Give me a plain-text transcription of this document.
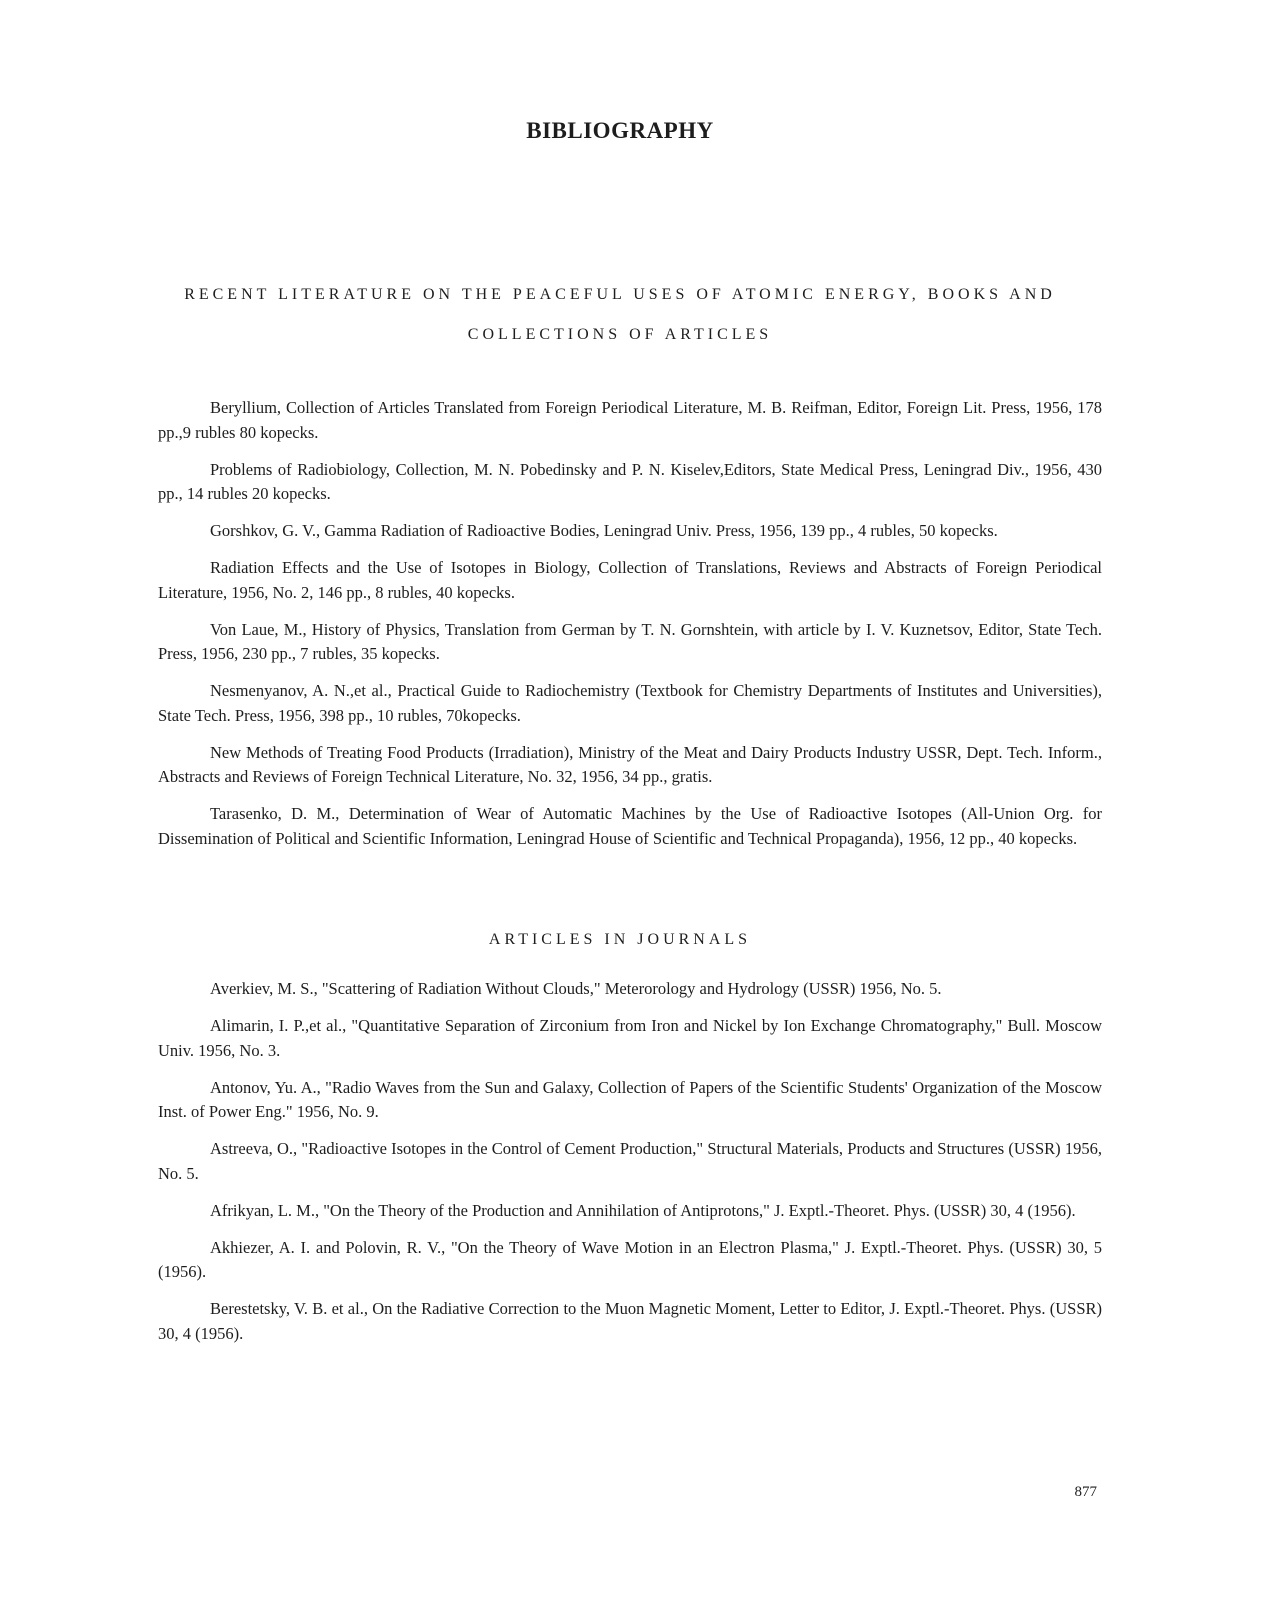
BIBLIOGRAPHY
RECENT LITERATURE ON THE PEACEFUL USES OF ATOMIC ENERGY, BOOKS AND
COLLECTIONS OF ARTICLES

Beryllium, Collection of Articles Translated from Foreign Periodical Literature, M. B. Reifman, Editor, Foreign Lit. Press, 1956, 178 pp.,9 rubles 80 kopecks.

Problems of Radiobiology, Collection, M. N. Pobedinsky and P. N. Kiselev,Editors, State Medical Press, Leningrad Div., 1956, 430 pp., 14 rubles 20 kopecks.

Gorshkov, G. V., Gamma Radiation of Radioactive Bodies, Leningrad Univ. Press, 1956, 139 pp., 4 rubles, 50 kopecks.

Radiation Effects and the Use of Isotopes in Biology, Collection of Translations, Reviews and Abstracts of Foreign Periodical Literature, 1956, No. 2, 146 pp., 8 rubles, 40 kopecks.

Von Laue, M., History of Physics, Translation from German by T. N. Gornshtein, with article by I. V. Kuznetsov, Editor, State Tech. Press, 1956, 230 pp., 7 rubles, 35 kopecks.

Nesmenyanov, A. N.,et al., Practical Guide to Radiochemistry (Textbook for Chemistry Departments of Institutes and Universities), State Tech. Press, 1956, 398 pp., 10 rubles, 70kopecks.

New Methods of Treating Food Products (Irradiation), Ministry of the Meat and Dairy Products Industry USSR, Dept. Tech. Inform., Abstracts and Reviews of Foreign Technical Literature, No. 32, 1956, 34 pp., gratis.

Tarasenko, D. M., Determination of Wear of Automatic Machines by the Use of Radioactive Isotopes (All-Union Org. for Dissemination of Political and Scientific Information, Leningrad House of Scientific and Technical Propaganda), 1956, 12 pp., 40 kopecks.

ARTICLES IN JOURNALS

Averkiev, M. S., "Scattering of Radiation Without Clouds," Meterorology and Hydrology (USSR) 1956, No. 5.

Alimarin, I. P.,et al., "Quantitative Separation of Zirconium from Iron and Nickel by Ion Exchange Chromatography," Bull. Moscow Univ. 1956, No. 3.

Antonov, Yu. A., "Radio Waves from the Sun and Galaxy, Collection of Papers of the Scientific Students' Organization of the Moscow Inst. of Power Eng." 1956, No. 9.

Astreeva, O., "Radioactive Isotopes in the Control of Cement Production," Structural Materials, Products and Structures (USSR) 1956, No. 5.

Afrikyan, L. M., "On the Theory of the Production and Annihilation of Antiprotons," J. Exptl.-Theoret. Phys. (USSR) 30, 4 (1956).

Akhiezer, A. I. and Polovin, R. V., "On the Theory of Wave Motion in an Electron Plasma," J. Exptl.-Theoret. Phys. (USSR) 30, 5 (1956).

Berestetsky, V. B. et al., On the Radiative Correction to the Muon Magnetic Moment, Letter to Editor, J. Exptl.-Theoret. Phys. (USSR) 30, 4 (1956).

877
